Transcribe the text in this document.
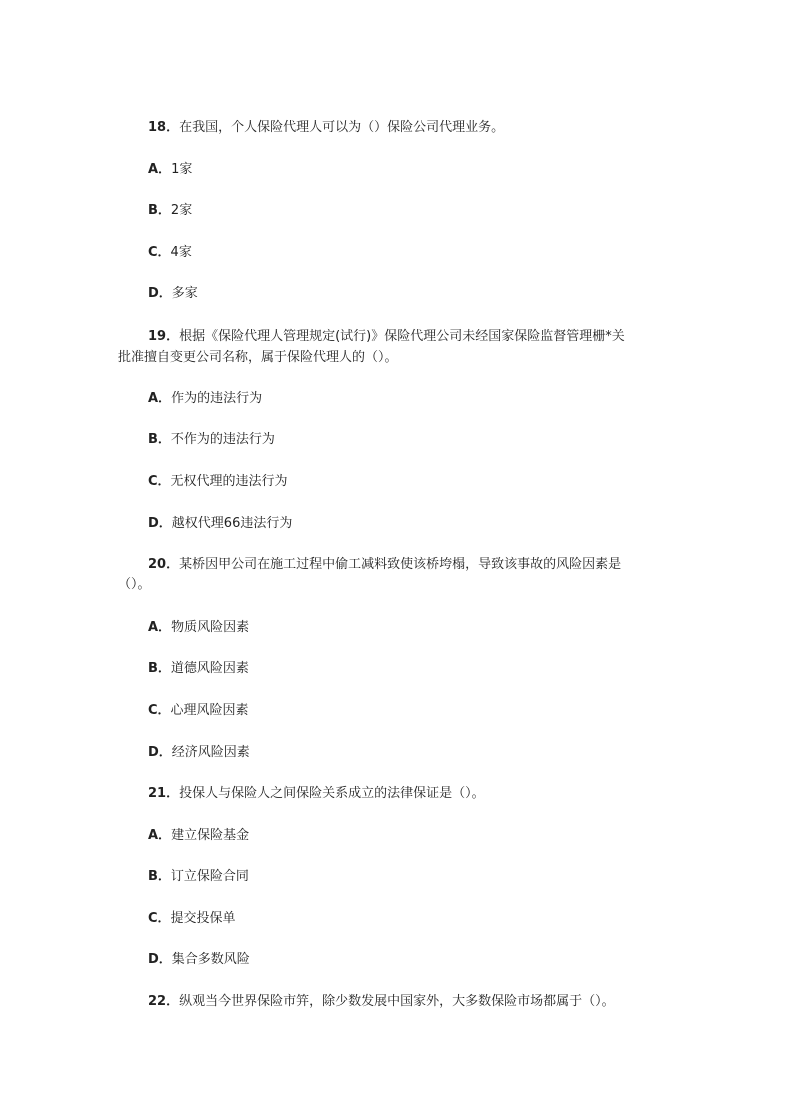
18．在我国，个人保险代理人可以为（）保险公司代理业务。
A．1家
B．2家
C．4家
D．多家
19．根据《保险代理人管理规定(试行)》保险代理公司未经国家保险监督管理栅*关
批准擅自变更公司名称，属于保险代理人的（）。
A．作为的违法行为
B．不作为的违法行为
C．无权代理的违法行为
D．越权代理66违法行为
20．某桥因甲公司在施工过程中偷工减料致使该桥垮榻，导致该事故的风险因素是
（）。
A．物质风险因素
B．道德风险因素
C．心理风险因素
D．经济风险因素
21．投保人与保险人之间保险关系成立的法律保证是（）。
A．建立保险基金
B．订立保险合同
C．提交投保单
D．集合多数风险
22．纵观当今世界保险市笄，除少数发展中国家外，大多数保险市场都属于（）。
